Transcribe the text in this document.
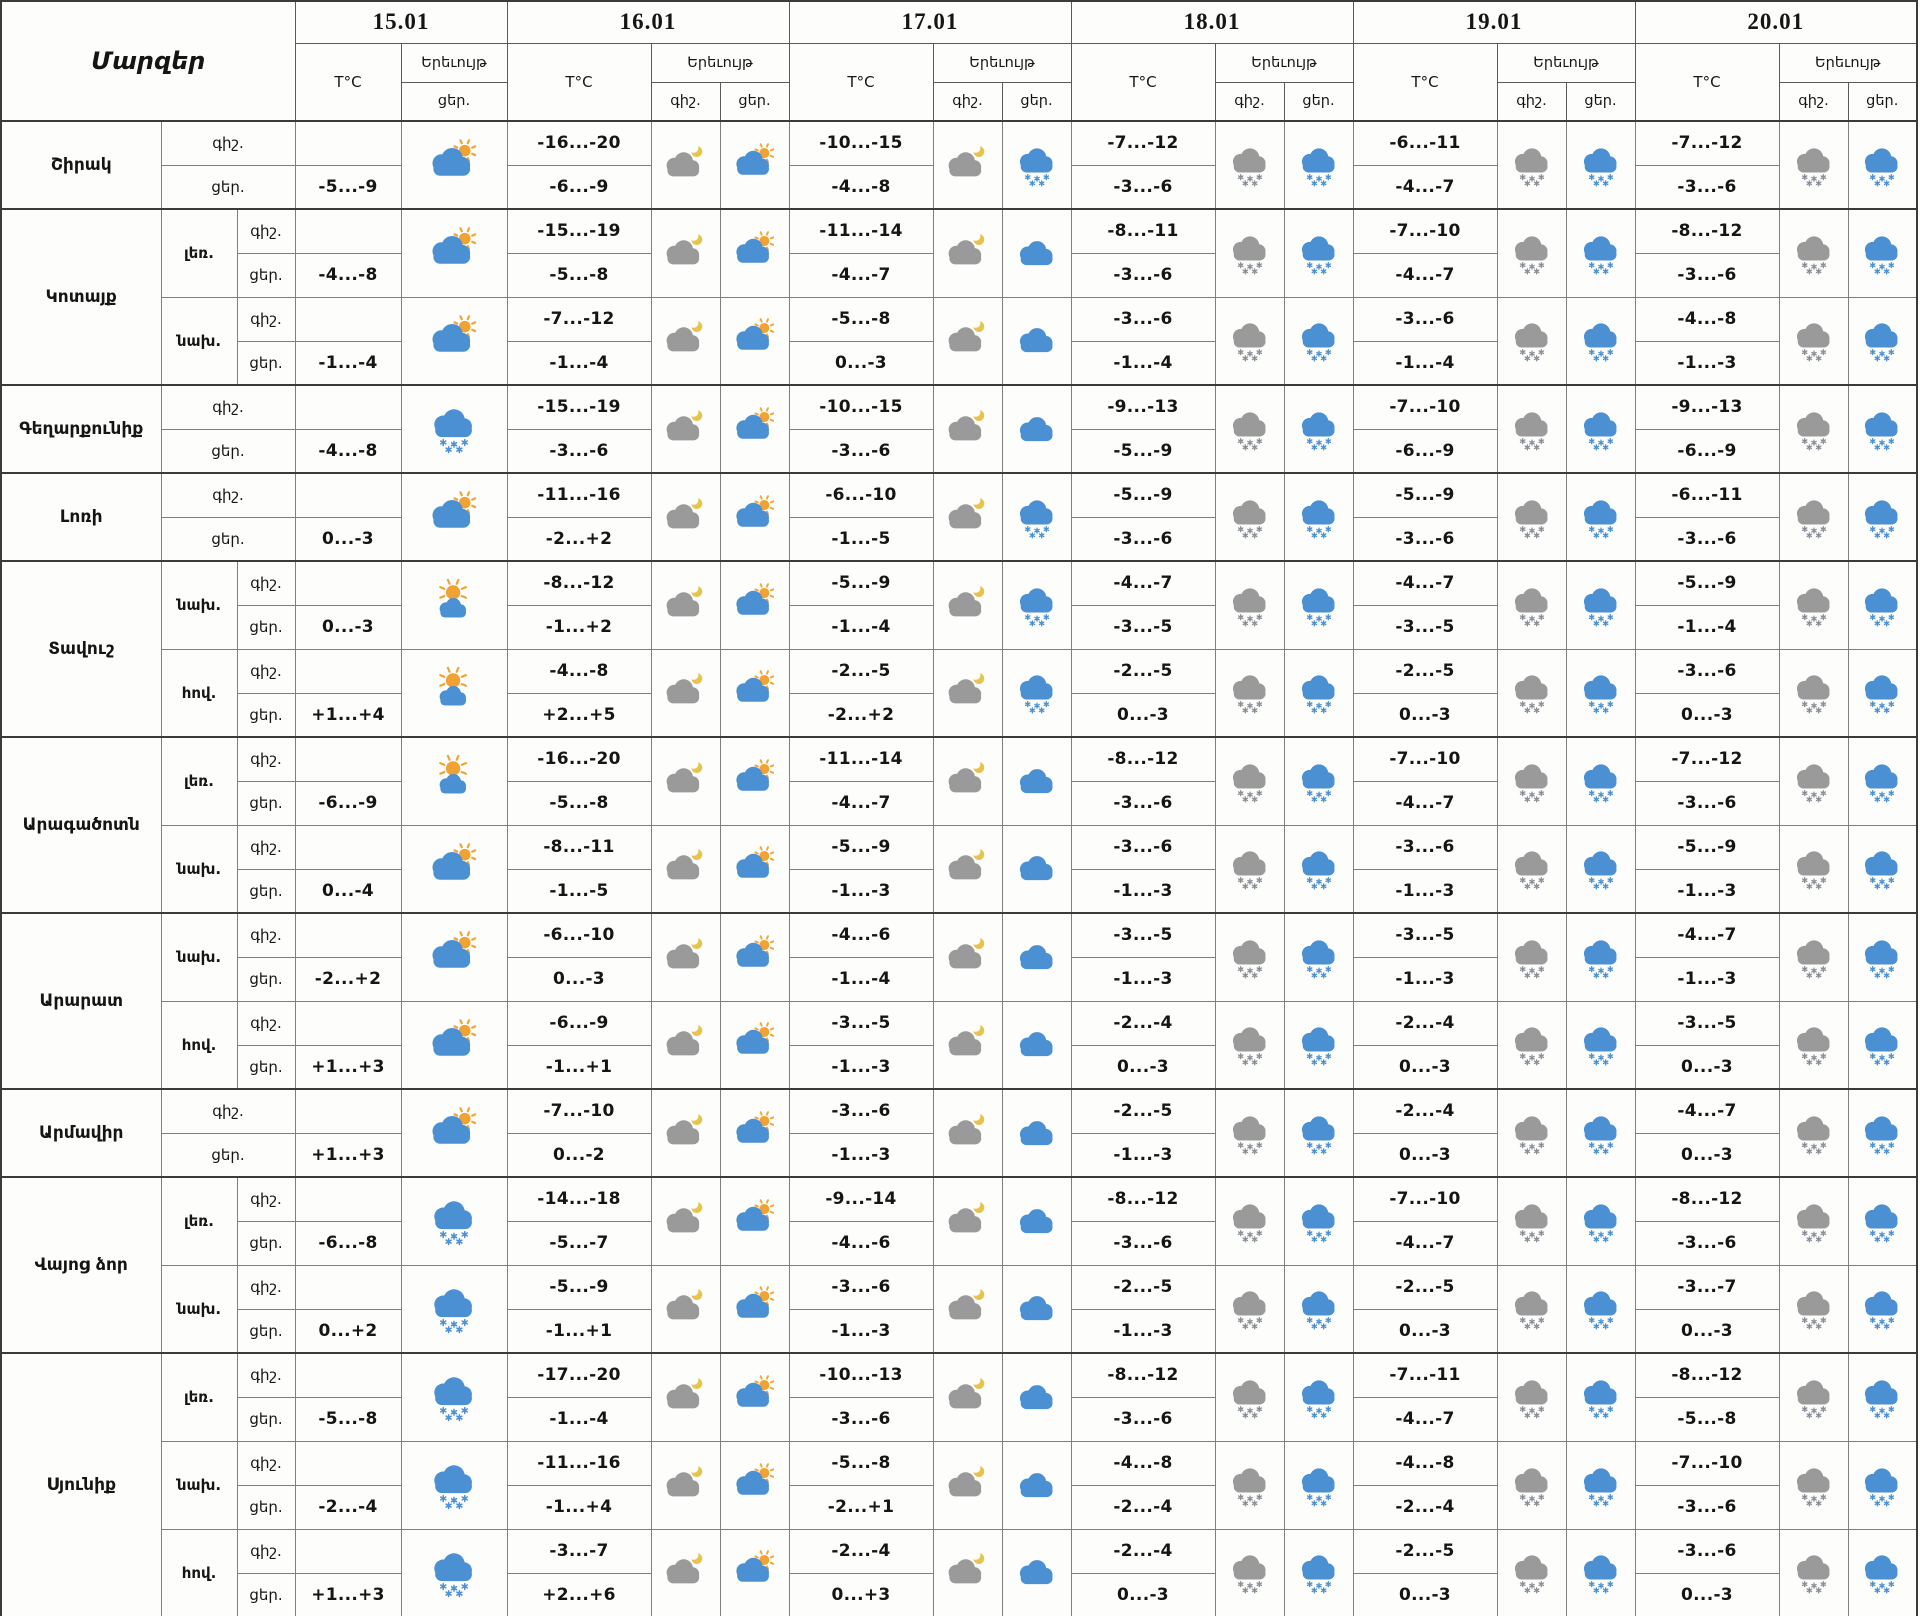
Մարզեր			15.01		16.01			17.01			18.01			19.01			20.01		
			T°C	Երեւույթ	T°C	Երեւույթ		T°C	Երեւույթ		T°C	Երեւույթ		T°C	Երեւույթ		T°C	Երեւույթ	
				ցեր.		գիշ.	ցեր.		գիշ.	ցեր.		գիշ.	ցեր.		գիշ.	ցեր.		գիշ.	ցեր.
Շիրակ	գիշ.				-16...-20			-10...-15			-7...-12			-6...-11			-7...-12		
	ցեր.		-5...-9		-6...-9			-4...-8			-3...-6			-4...-7			-3...-6		
Կոտայք	լեռ.	գիշ.			-15...-19			-11...-14			-8...-11			-7...-10			-8...-12		
		ցեր.	-4...-8		-5...-8			-4...-7			-3...-6			-4...-7			-3...-6		
	նախ.	գիշ.			-7...-12			-5...-8			-3...-6			-3...-6			-4...-8		
		ցեր.	-1...-4		-1...-4			0...-3			-1...-4			-1...-4			-1...-3		
Գեղարքունիք	գիշ.				-15...-19			-10...-15			-9...-13			-7...-10			-9...-13		
	ցեր.		-4...-8		-3...-6			-3...-6			-5...-9			-6...-9			-6...-9		
Լոռի	գիշ.				-11...-16			-6...-10			-5...-9			-5...-9			-6...-11		
	ցեր.		0...-3		-2...+2			-1...-5			-3...-6			-3...-6			-3...-6		
Տավուշ	նախ.	գիշ.			-8...-12			-5...-9			-4...-7			-4...-7			-5...-9		
		ցեր.	0...-3		-1...+2			-1...-4			-3...-5			-3...-5			-1...-4		
	հով.	գիշ.			-4...-8			-2...-5			-2...-5			-2...-5			-3...-6		
		ցեր.	+1...+4		+2...+5			-2...+2			0...-3			0...-3			0...-3		
Արագածոտն	լեռ.	գիշ.			-16...-20			-11...-14			-8...-12			-7...-10			-7...-12		
		ցեր.	-6...-9		-5...-8			-4...-7			-3...-6			-4...-7			-3...-6		
	նախ.	գիշ.			-8...-11			-5...-9			-3...-6			-3...-6			-5...-9		
		ցեր.	0...-4		-1...-5			-1...-3			-1...-3			-1...-3			-1...-3		
Արարատ	նախ.	գիշ.			-6...-10			-4...-6			-3...-5			-3...-5			-4...-7		
		ցեր.	-2...+2		0...-3			-1...-4			-1...-3			-1...-3			-1...-3		
	հով.	գիշ.			-6...-9			-3...-5			-2...-4			-2...-4			-3...-5		
		ցեր.	+1...+3		-1...+1			-1...-3			0...-3			0...-3			0...-3		
Արմավիր	գիշ.				-7...-10			-3...-6			-2...-5			-2...-4			-4...-7		
	ցեր.		+1...+3		0...-2			-1...-3			-1...-3			0...-3			0...-3		
Վայոց ձոր	լեռ.	գիշ.			-14...-18			-9...-14			-8...-12			-7...-10			-8...-12		
		ցեր.	-6...-8		-5...-7			-4...-6			-3...-6			-4...-7			-3...-6		
	նախ.	գիշ.			-5...-9			-3...-6			-2...-5			-2...-5			-3...-7		
		ցեր.	0...+2		-1...+1			-1...-3			-1...-3			0...-3			0...-3		
Սյունիք	լեռ.	գիշ.			-17...-20			-10...-13			-8...-12			-7...-11			-8...-12		
		ցեր.	-5...-8		-1...-4			-3...-6			-3...-6			-4...-7			-5...-8		
	նախ.	գիշ.			-11...-16			-5...-8			-4...-8			-4...-8			-7...-10		
		ցեր.	-2...-4		-1...+4			-2...+1			-2...-4			-2...-4			-3...-6		
	հով.	գիշ.			-3...-7			-2...-4			-2...-4			-2...-5			-3...-6		
		ցեր.	+1...+3		+2...+6			0...+3			0...-3			0...-3			0...-3		
